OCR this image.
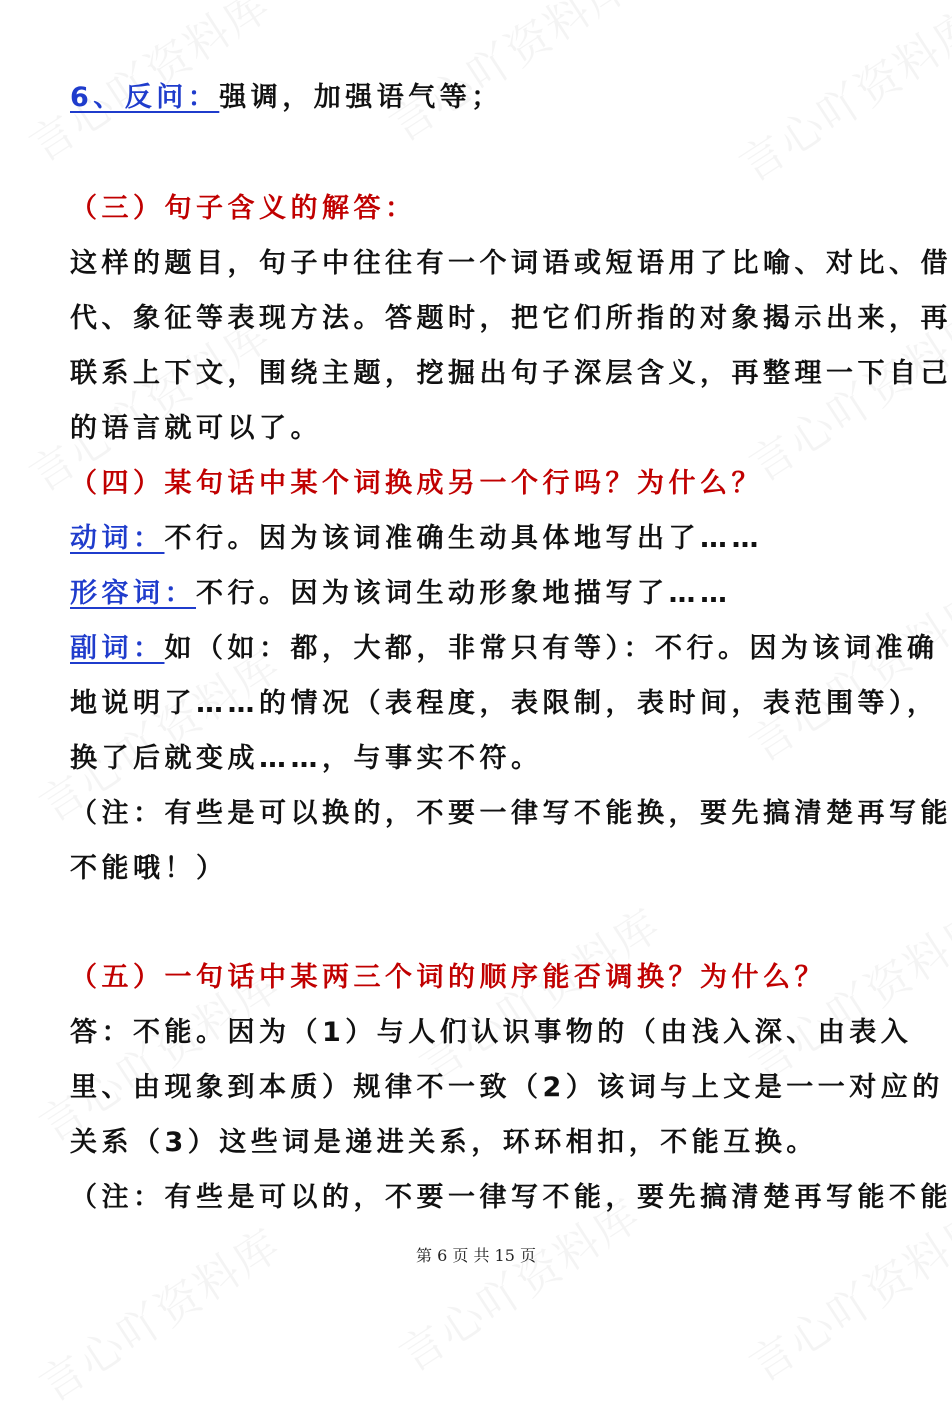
6、反问：强调，加强语气等；
（三）句子含义的解答：
这样的题目，句子中往往有一个词语或短语用了比喻、对比、借
代、象征等表现方法。答题时，把它们所指的对象揭示出来，再
联系上下文，围绕主题，挖掘出句子深层含义，再整理一下自己
的语言就可以了。
（四）某句话中某个词换成另一个行吗？为什么？
动词：不行。因为该词准确生动具体地写出了……
形容词：不行。因为该词生动形象地描写了……
副词：如（如：都，大都，非常只有等）：不行。因为该词准确
地说明了……的情况（表程度，表限制，表时间，表范围等），
换了后就变成……，与事实不符。
（注：有些是可以换的，不要一律写不能换，要先搞清楚再写能
不能哦！）
（五）一句话中某两三个词的顺序能否调换？为什么？
答：不能。因为（1）与人们认识事物的（由浅入深、由表入
里、由现象到本质）规律不一致（2）该词与上文是一一对应的
关系（3）这些词是递进关系，环环相扣，不能互换。
（注：有些是可以的，不要一律写不能，要先搞清楚再写能不能
第 6 页 共 15 页
